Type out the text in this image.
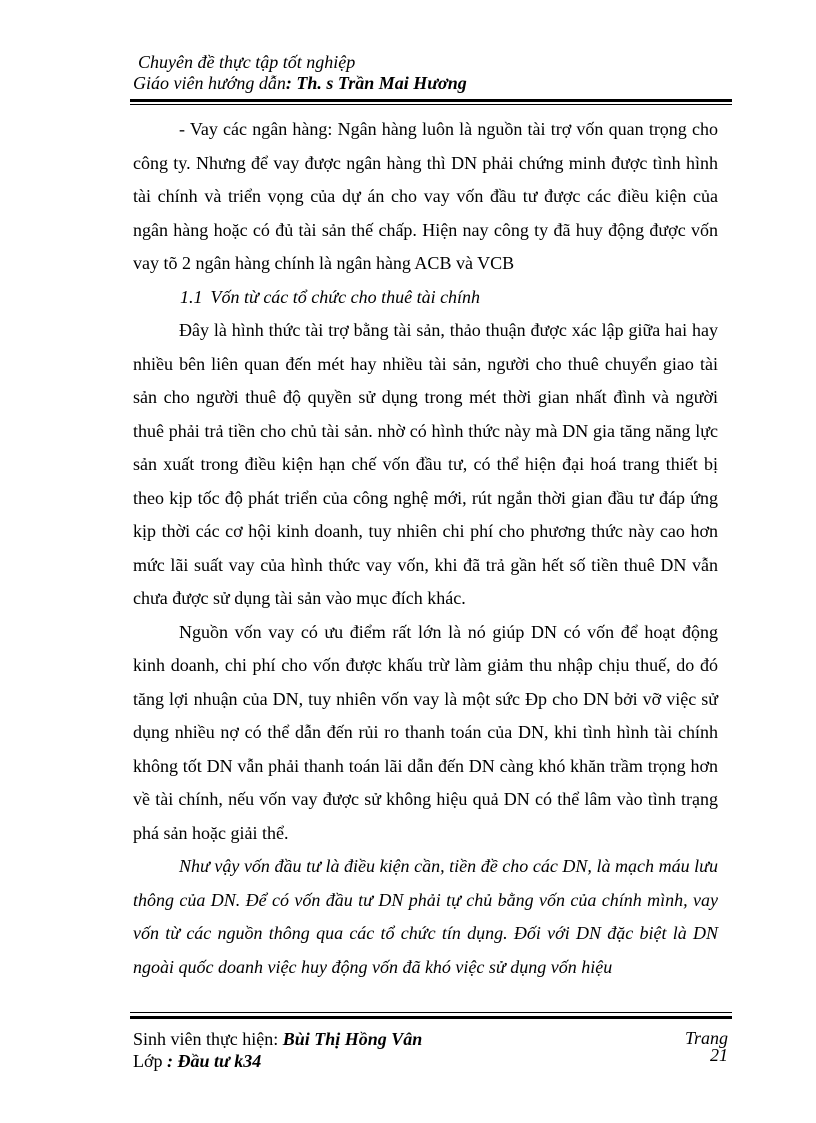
Chuyên đề thực tập tốt nghiệp
Giáo viên hướng dẫn: Th. s Trần Mai Hương

- Vay các ngân hàng: Ngân hàng luôn là nguồn tài trợ vốn quan trọng cho công ty. Nhưng để vay được ngân hàng thì DN phải chứng minh được tình hình tài chính và triển vọng của dự án cho vay vốn đầu tư được các điều kiện của ngân hàng hoặc có đủ tài sản thế chấp. Hiện nay công ty đã huy động được vốn vay tõ 2 ngân hàng chính là ngân hàng ACB và VCB

1.1 Vốn từ các tổ chức cho thuê tài chính

Đây là hình thức tài trợ bằng tài sản, thảo thuận được xác lập giữa hai hay nhiều bên liên quan đến mét hay nhiều tài sản, người cho thuê chuyển giao tài sản cho người thuê độ quyền sử dụng trong mét thời gian nhất đình và người thuê phải trả tiền cho chủ tài sản. nhờ có hình thức này mà DN gia tăng năng lực sản xuất trong điều kiện hạn chế vốn đầu tư, có thể hiện đại hoá trang thiết bị theo kịp tốc độ phát triển của công nghệ mới, rút ngắn thời gian đầu tư đáp ứng kịp thời các cơ hội kinh doanh, tuy nhiên chi phí cho phương thức này cao hơn mức lãi suất vay của hình thức vay vốn, khi đã trả gần hết số tiền thuê DN vẫn chưa được sử dụng tài sản vào mục đích khác.

Nguồn vốn vay có ưu điểm rất lớn là nó giúp DN có vốn để hoạt động kinh doanh, chi phí cho vốn được khấu trừ làm giảm thu nhập chịu thuế, do đó tăng lợi nhuận của DN, tuy nhiên vốn vay là một sức Ðp cho DN bởi vỡ việc sử dụng nhiều nợ có thể dẫn đến rủi ro thanh toán của DN, khi tình hình tài chính không tốt DN vẫn phải thanh toán lãi dẫn đến DN càng khó khăn trầm trọng hơn về tài chính, nếu vốn vay được sử không hiệu quả DN có thể lâm vào tình trạng phá sản hoặc giải thể.

Như vậy vốn đầu tư là điều kiện cần, tiền đề cho các DN, là mạch máu lưu thông của DN. Để có vốn đầu tư DN phải tự chủ bằng vốn của chính mình, vay vốn từ các nguồn thông qua các tổ chức tín dụng. Đối với DN đặc biệt là DN ngoài quốc doanh việc huy động vốn đã khó việc sử dụng vốn hiệu

Sinh viên thực hiện: Bùi Thị Hồng Vân
Lớp : Đầu tư k34
Trang
21
